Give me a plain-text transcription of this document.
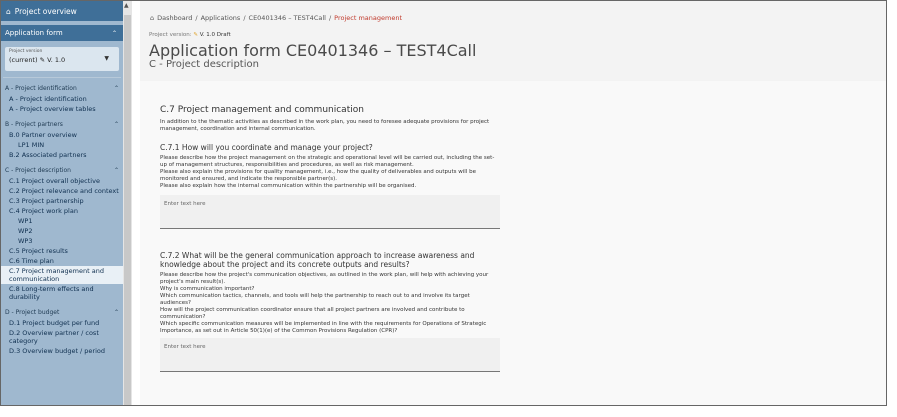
⌂ Project overview
Application form	⌃
Project version
(current) ✎ V. 1.0	▼
A - Project identification	⌃
A - Project identification
A - Project overview tables
B - Project partners	⌃
B.0 Partner overview
LP1 MIN
B.2 Associated partners
C - Project description	⌃
C.1 Project overall objective
C.2 Project relevance and context
C.3 Project partnership
C.4 Project work plan
WP1
WP2
WP3
C.5 Project results
C.6 Time plan
C.7 Project management and communication
C.8 Long-term effects and durability
D - Project budget	⌃
D.1 Project budget per fund
D.2 Overview partner / cost category
D.3 Overview budget / period
▲
⌂ Dashboard / Applications / CE0401346 – TEST4Call / Project management
Project version: ✎ V. 1.0 Draft
Application form CE0401346 – TEST4Call
C - Project description
C.7 Project management and communication
In addition to the thematic activities as described in the work plan, you need to foresee adequate provisions for project management, coordination and internal communication.
C.7.1 How will you coordinate and manage your project?
Please describe how the project management on the strategic and operational level will be carried out, including the set-up of management structures, responsibilities and procedures, as well as risk management.
Please also explain the provisions for quality management, i.e., how the quality of deliverables and outputs will be monitored and ensured, and indicate the responsible partner(s).
Please also explain how the internal communication within the partnership will be organised.
Enter text here
C.7.2 What will be the general communication approach to increase awareness and knowledge about the project and its concrete outputs and results?
Please describe how the project's communication objectives, as outlined in the work plan, will help with achieving your project's main result(s).
Why is communication important?
Which communication tactics, channels, and tools will help the partnership to reach out to and involve its target audiences?
How will the project communication coordinator ensure that all project partners are involved and contribute to communication?
Which specific communication measures will be implemented in line with the requirements for Operations of Strategic Importance, as set out in Article 50(1)(e) of the Common Provisions Regulation (CPR)?
Enter text here
